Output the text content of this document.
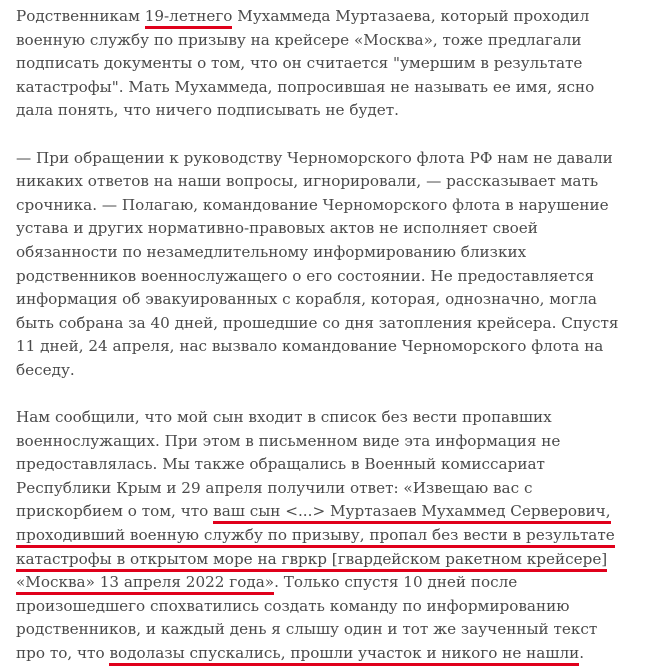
Родственникам 19-летнего Мухаммеда Муртазаева, который проходил
военную службу по призыву на крейсере «Москва», тоже предлагали
подписать документы о том, что он считается "умершим в результате
катастрофы". Мать Мухаммеда, попросившая не называть ее имя, ясно
дала понять, что ничего подписывать не будет.
— При обращении к руководству Черноморского флота РФ нам не давали
никаких ответов на наши вопросы, игнорировали, — рассказывает мать
срочника. — Полагаю, командование Черноморского флота в нарушение
устава и других нормативно-правовых актов не исполняет своей
обязанности по незамедлительному информированию близких
родственников военнослужащего о его состоянии. Не предоставляется
информация об эвакуированных с корабля, которая, однозначно, могла
быть собрана за 40 дней, прошедшие со дня затопления крейсера. Спустя
11 дней, 24 апреля, нас вызвало командование Черноморского флота на
беседу.
Нам сообщили, что мой сын входит в список без вести пропавших
военнослужащих. При этом в письменном виде эта информация не
предоставлялась. Мы также обращались в Военный комиссариат
Республики Крым и 29 апреля получили ответ: «Извещаю вас с
прискорбием о том, что ваш сын <...> Муртазаев Мухаммед Серверович,
проходивший военную службу по призыву, пропал без вести в результате
катастрофы в открытом море на гвркр [гвардейском ракетном крейсере]
«Москва» 13 апреля 2022 года». Только спустя 10 дней после
произошедшего спохватились создать команду по информированию
родственников, и каждый день я слышу один и тот же заученный текст
про то, что водолазы спускались, прошли участок и никого не нашли.
